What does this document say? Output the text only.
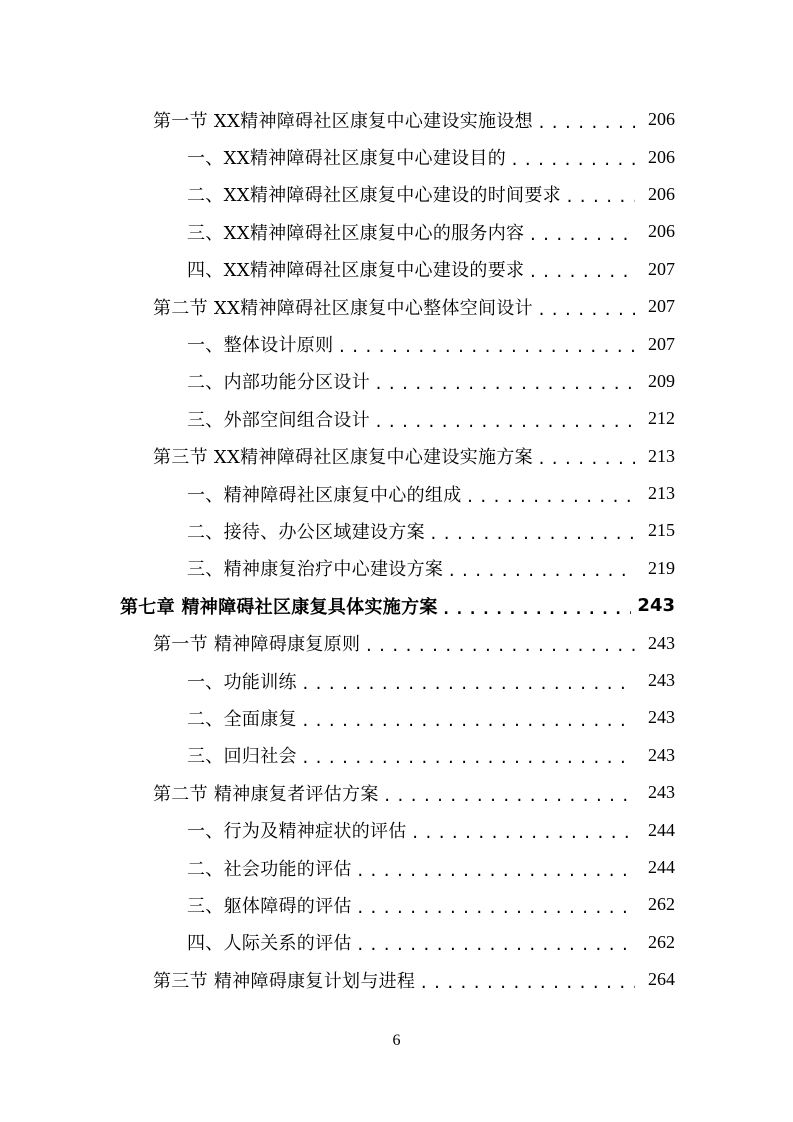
第一节 XX精神障碍社区康复中心建设实施设想 .....	206
一、XX精神障碍社区康复中心建设目的 .....	206
二、XX精神障碍社区康复中心建设的时间要求 .....	206
三、XX精神障碍社区康复中心的服务内容 .....	206
四、XX精神障碍社区康复中心建设的要求 .....	207
第二节 XX精神障碍社区康复中心整体空间设计 .....	207
一、整体设计原则 .....	207
二、内部功能分区设计 .....	209
三、外部空间组合设计 .....	212
第三节 XX精神障碍社区康复中心建设实施方案 .....	213
一、精神障碍社区康复中心的组成 .....	213
二、接待、办公区域建设方案 .....	215
三、精神康复治疗中心建设方案 .....	219
第七章 精神障碍社区康复具体实施方案 .....	243
第一节 精神障碍康复原则 .....	243
一、功能训练 .....	243
二、全面康复 .....	243
三、回归社会 .....	243
第二节 精神康复者评估方案 .....	243
一、行为及精神症状的评估 .....	244
二、社会功能的评估 .....	244
三、躯体障碍的评估 .....	262
四、人际关系的评估 .....	262
第三节 精神障碍康复计划与进程 .....	264
6
